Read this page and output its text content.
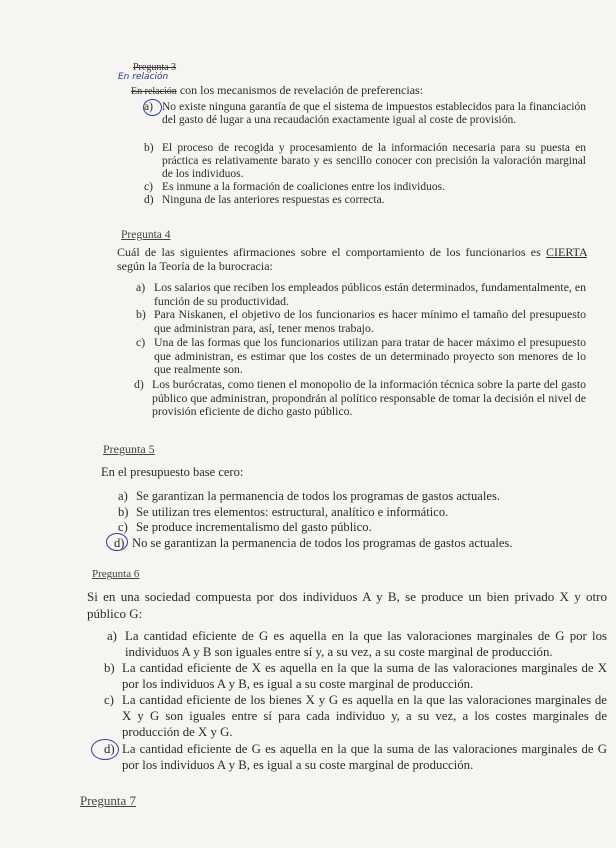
Pregunta 3
En relación
En relación con los mecanismos de revelación de preferencias:
a) No existe ninguna garantía de que el sistema de impuestos establecidos para la financiación del gasto dé lugar a una recaudación exactamente igual al coste de provisión.
b) El proceso de recogida y procesamiento de la información necesaria para su puesta en práctica es relativamente barato y es sencillo conocer con precisión la valoración marginal de los individuos.
c) Es inmune a la formación de coaliciones entre los individuos.
d) Ninguna de las anteriores respuestas es correcta.
Pregunta 4
Cuál de las siguientes afirmaciones sobre el comportamiento de los funcionarios es CIERTA según la Teoría de la burocracia:
a) Los salarios que reciben los empleados públicos están determinados, fundamentalmente, en función de su productividad.
b) Para Niskanen, el objetivo de los funcionarios es hacer mínimo el tamaño del presupuesto que administran para, así, tener menos trabajo.
c) Una de las formas que los funcionarios utilizan para tratar de hacer máximo el presupuesto que administran, es estimar que los costes de un determinado proyecto son menores de lo que realmente son.
d) Los burócratas, como tienen el monopolio de la información técnica sobre la parte del gasto público que administran, propondrán al político responsable de tomar la decisión el nivel de provisión eficiente de dicho gasto público.
Pregunta 5
En el presupuesto base cero:
a) Se garantizan la permanencia de todos los programas de gastos actuales.
b) Se utilizan tres elementos: estructural, analítico e informático.
c) Se produce incrementalismo del gasto público.
d) No se garantizan la permanencia de todos los programas de gastos actuales.
Pregunta 6
Si en una sociedad compuesta por dos individuos A y B, se produce un bien privado X y otro público G:
a) La cantidad eficiente de G es aquella en la que las valoraciones marginales de G por los individuos A y B son iguales entre sí y, a su vez, a su coste marginal de producción.
b) La cantidad eficiente de X es aquella en la que la suma de las valoraciones marginales de X por los individuos A y B, es igual a su coste marginal de producción.
c) La cantidad eficiente de los bienes X y G es aquella en la que las valoraciones marginales de X y G son iguales entre sí para cada individuo y, a su vez, a los costes marginales de producción de X y G.
d) La cantidad eficiente de G es aquella en la que la suma de las valoraciones marginales de G por los individuos A y B, es igual a su coste marginal de producción.
Pregunta 7
